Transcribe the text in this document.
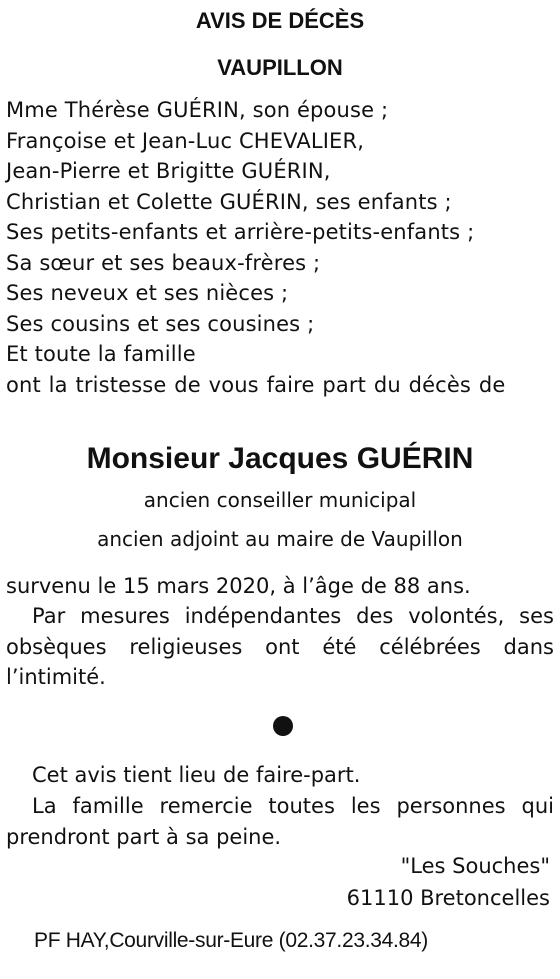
AVIS DE DÉCÈS
VAUPILLON
Mme Thérèse GUÉRIN, son épouse ;
Françoise et Jean-Luc CHEVALIER,
Jean-Pierre et Brigitte GUÉRIN,
Christian et Colette GUÉRIN, ses enfants ;
Ses petits-enfants et arrière-petits-enfants ;
Sa sœur et ses beaux-frères ;
Ses neveux et ses nièces ;
Ses cousins et ses cousines ;
Et toute la famille
ont la tristesse de vous faire part du décès de
Monsieur Jacques GUÉRIN
ancien conseiller municipal
ancien adjoint au maire de Vaupillon
survenu le 15 mars 2020, à l’âge de 88 ans.
Par mesures indépendantes des volontés, ses obsèques religieuses ont été célébrées dans l’intimité.
Cet avis tient lieu de faire-part.
La famille remercie toutes les personnes qui prendront part à sa peine.
"Les Souches"
61110 Bretoncelles
PF HAY,Courville-sur-Eure (02.37.23.34.84)
